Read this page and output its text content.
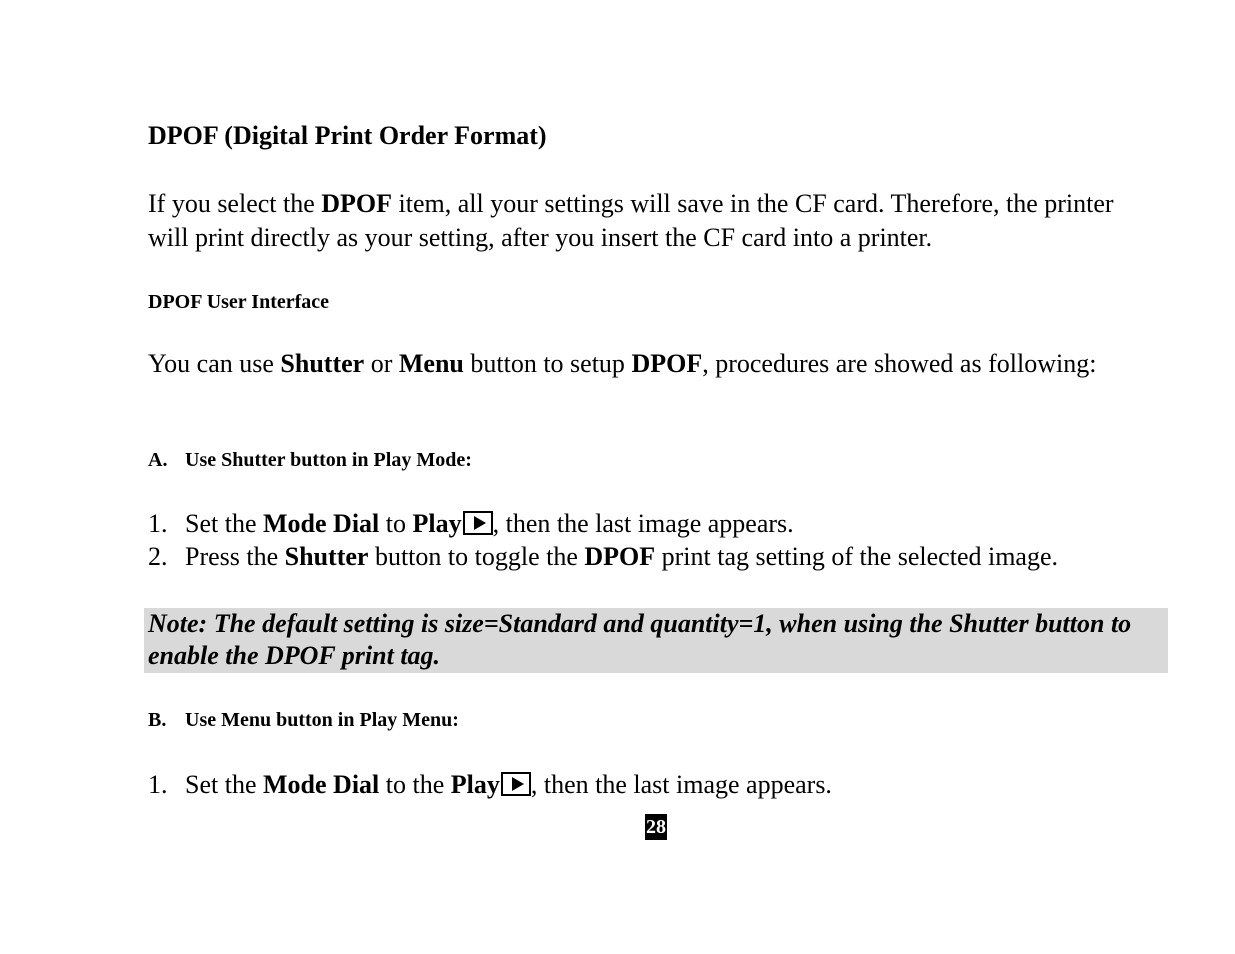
DPOF (Digital Print Order Format)

If you select the DPOF item, all your settings will save in the CF card. Therefore, the printer will print directly as your setting, after you insert the CF card into a printer.

DPOF User Interface

You can use Shutter or Menu button to setup DPOF, procedures are showed as following:

A. Use Shutter button in Play Mode:
1. Set the Mode Dial to Play , then the last image appears.
2. Press the Shutter button to toggle the DPOF print tag setting of the selected image.
Note: The default setting is size=Standard and quantity=1, when using the Shutter button to enable the DPOF print tag.
B. Use Menu button in Play Menu:
1. Set the Mode Dial to the Play , then the last image appears.
28
